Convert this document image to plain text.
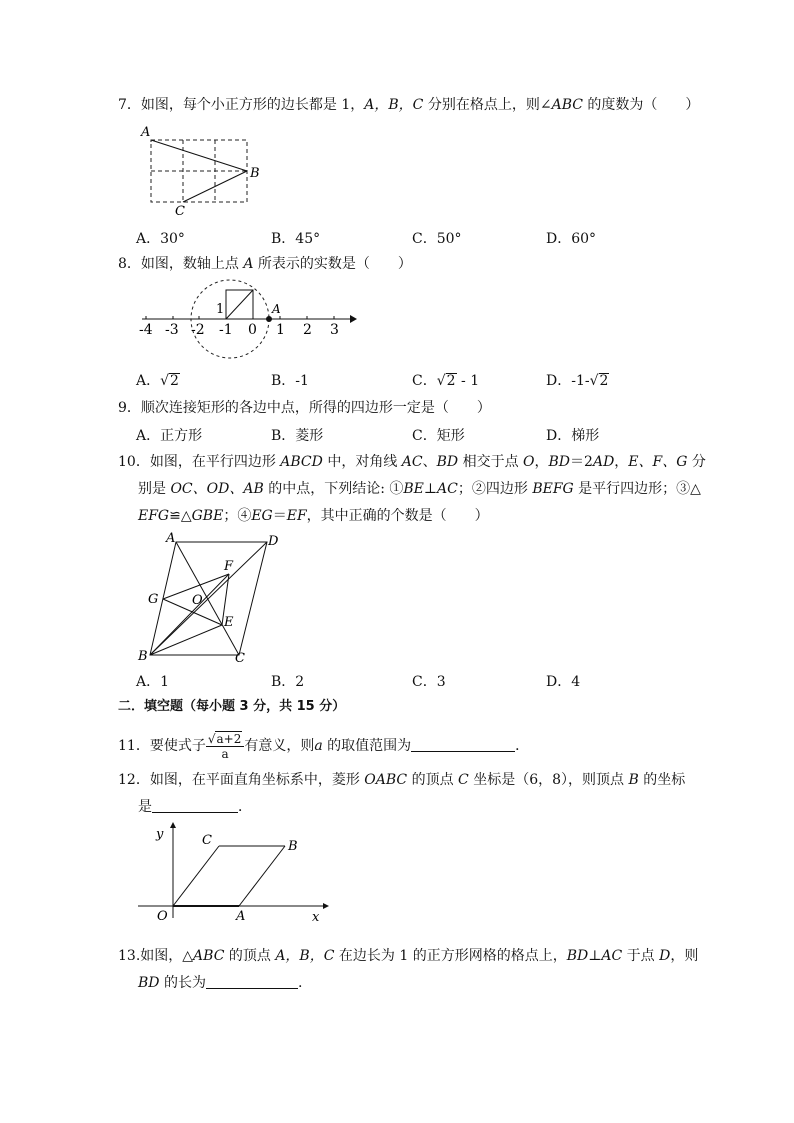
7．如图，每个小正方形的边长都是 1，A，B，C 分别在格点上，则∠ABC 的度数为（　　）
A
B
C
A．30°	B．45°	C．50°	D．60°
8．如图，数轴上点 A 所表示的实数是（　　）
A
1
-4 -3 -2 -1 0 1 2 3
A．√2	B．-1	C．√2 - 1	D．-1-√2
9．顺次连接矩形的各边中点，所得的四边形一定是（　　）
A．正方形	B．菱形	C．矩形	D．梯形
10．如图，在平行四边形 ABCD 中，对角线 AC、BD 相交于点 O，BD＝2AD，E、F、G 分
别是 OC、OD、AB 的中点，下列结论: ①BE⊥AC；②四边形 BEFG 是平行四边形；③△
EFG≌△GBE；④EG＝EF，其中正确的个数是（　　）
A	D
B	C
F
G	O
E
A．1	B．2	C．3	D．4
二．填空题（每小题 3 分，共 15 分）
11．要使式子 $\frac{√a+2}{a}$ 有意义，则a 的取值范围为	．
12．如图，在平面直角坐标系中，菱形 OABC 的顶点 C 坐标是（6，8），则顶点 B 的坐标
是	．
y
x
O	A
C	B
13.如图，△ABC 的顶点 A，B，C 在边长为 1 的正方形网格的格点上，BD⊥AC 于点 D，则
BD 的长为	.
